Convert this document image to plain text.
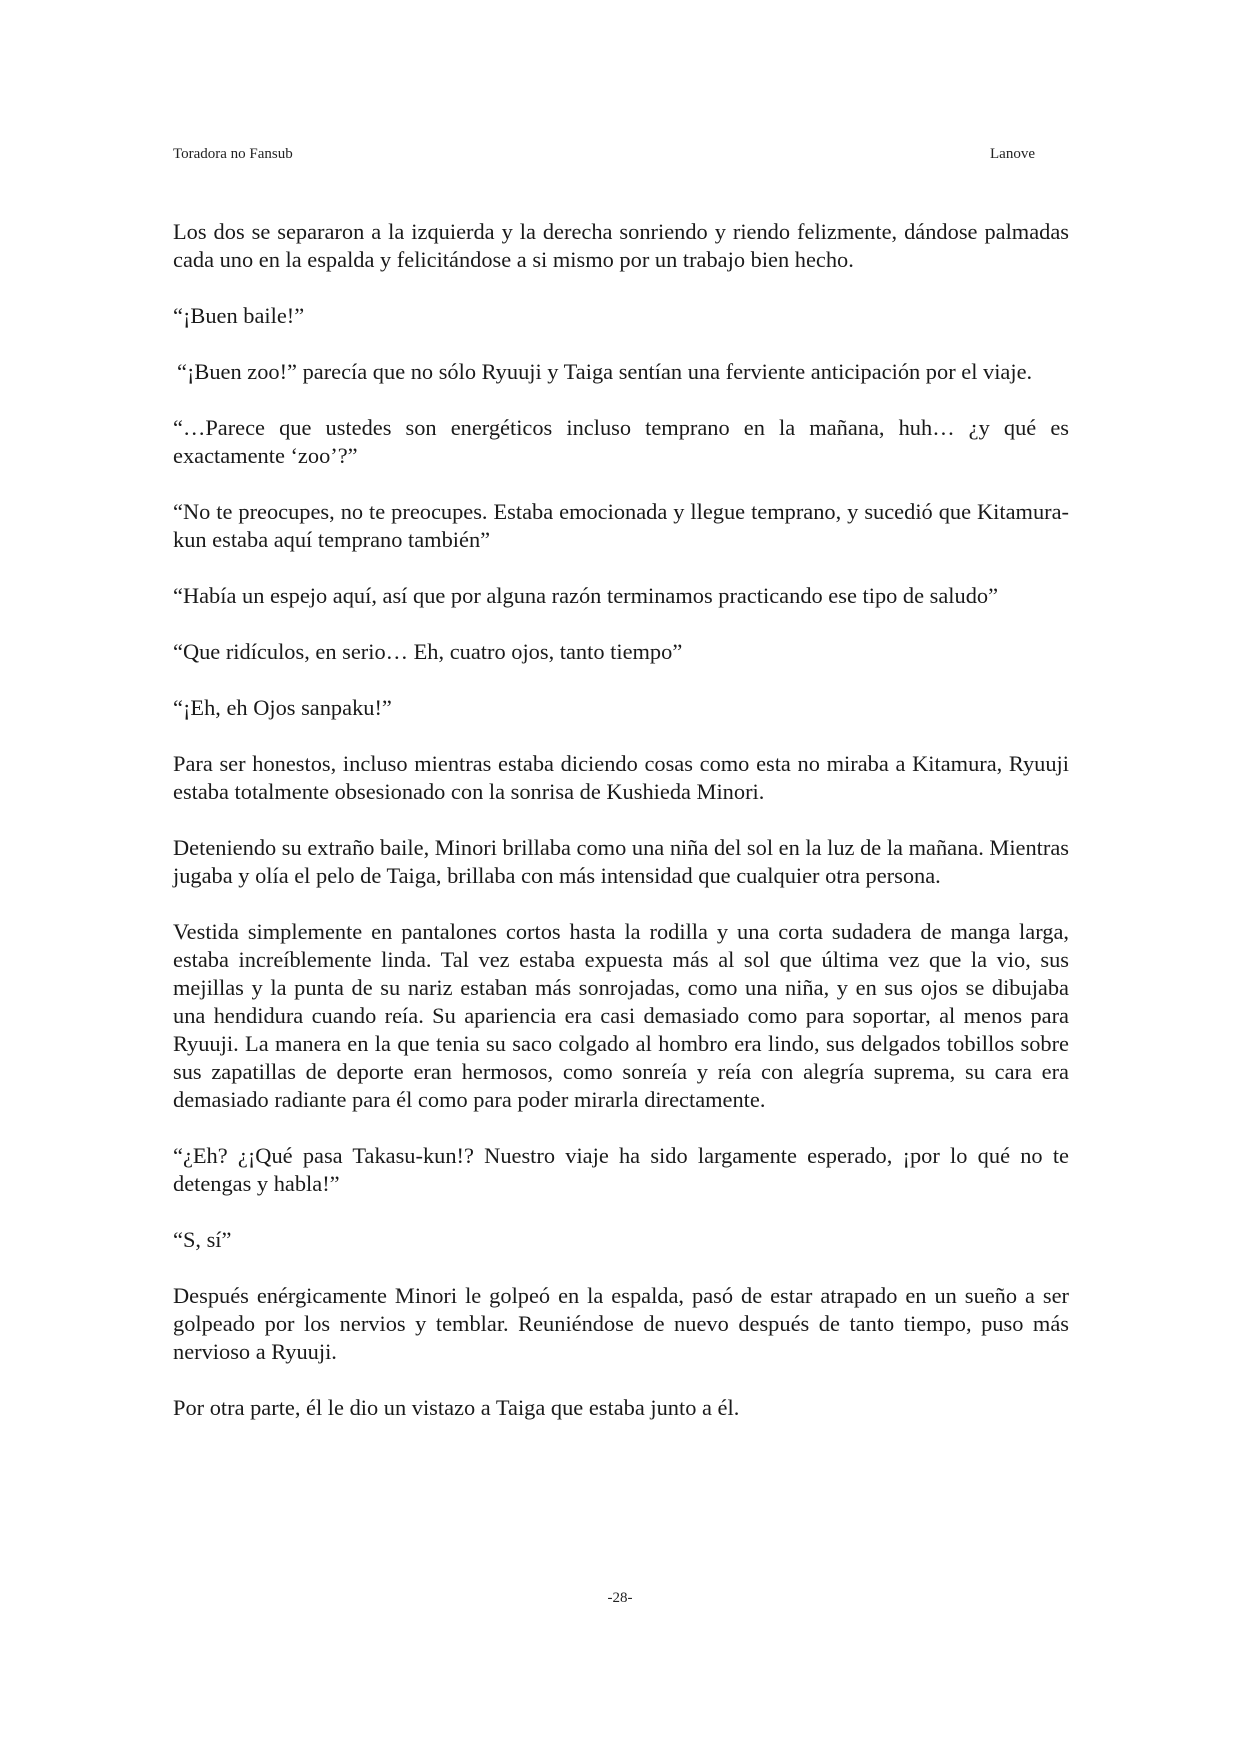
Toradora no Fansub	Lanove

Los dos se separaron a la izquierda y la derecha sonriendo y riendo felizmente, dándose palmadas cada uno en la espalda y felicitándose a si mismo por un trabajo bien hecho.

“¡Buen baile!”

“¡Buen zoo!” parecía que no sólo Ryuuji y Taiga sentían una ferviente anticipación por el viaje.

“…Parece que ustedes son energéticos incluso temprano en la mañana, huh… ¿y qué es exactamente ‘zoo’?”

“No te preocupes, no te preocupes. Estaba emocionada y llegue temprano, y sucedió que Kitamura-kun estaba aquí temprano también”

“Había un espejo aquí, así que por alguna razón terminamos practicando ese tipo de saludo”

“Que ridículos, en serio… Eh, cuatro ojos, tanto tiempo”

“¡Eh, eh Ojos sanpaku!”

Para ser honestos, incluso mientras estaba diciendo cosas como esta no miraba a Kitamura, Ryuuji estaba totalmente obsesionado con la sonrisa de Kushieda Minori.

Deteniendo su extraño baile, Minori brillaba como una niña del sol en la luz de la mañana. Mientras jugaba y olía el pelo de Taiga, brillaba con más intensidad que cualquier otra persona.

Vestida simplemente en pantalones cortos hasta la rodilla y una corta sudadera de manga larga, estaba increíblemente linda. Tal vez estaba expuesta más al sol que última vez que la vio, sus mejillas y la punta de su nariz estaban más sonrojadas, como una niña, y en sus ojos se dibujaba una hendidura cuando reía. Su apariencia era casi demasiado como para soportar, al menos para Ryuuji. La manera en la que tenia su saco colgado al hombro era lindo, sus delgados tobillos sobre sus zapatillas de deporte eran hermosos, como sonreía y reía con alegría suprema, su cara era demasiado radiante para él como para poder mirarla directamente.

“¿Eh? ¿¡Qué pasa Takasu-kun!? Nuestro viaje ha sido largamente esperado, ¡por lo qué no te detengas y habla!”

“S, sí”

Después enérgicamente Minori le golpeó en la espalda, pasó de estar atrapado en un sueño a ser golpeado por los nervios y temblar. Reuniéndose de nuevo después de tanto tiempo, puso más nervioso a Ryuuji.

Por otra parte, él le dio un vistazo a Taiga que estaba junto a él.

-28-
